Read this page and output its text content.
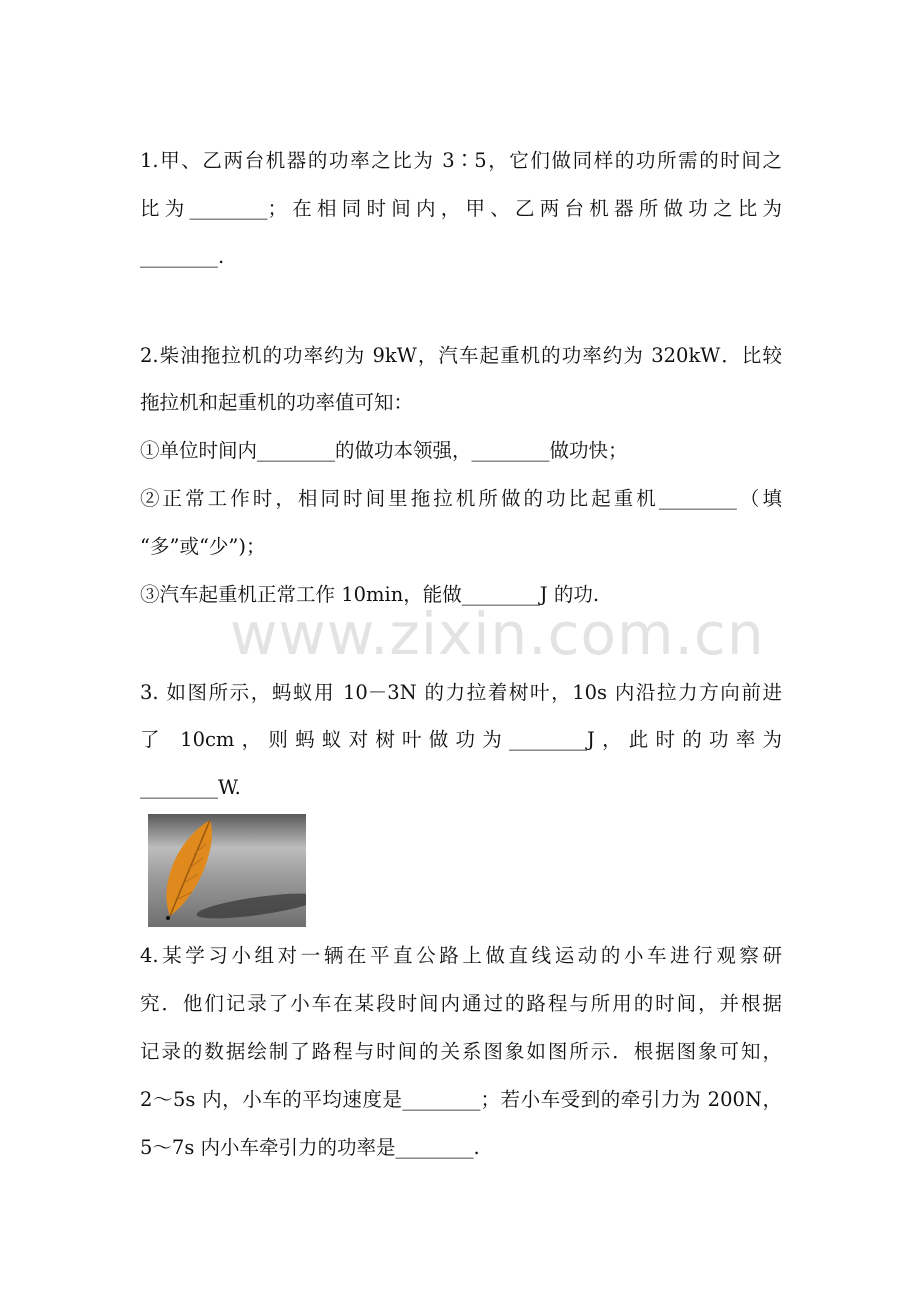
1.甲、乙两台机器的功率之比为 3∶5，它们做同样的功所需的时间之
比为________；在相同时间内，甲、乙两台机器所做功之比为
________.
2.柴油拖拉机的功率约为 9kW，汽车起重机的功率约为 320kW．比较
拖拉机和起重机的功率值可知：
①单位时间内________的做功本领强，________做功快；
②正常工作时，相同时间里拖拉机所做的功比起重机________（填
“多”或“少”)；
③汽车起重机正常工作 10min，能做________J 的功.
www.zixin.com.cn
3. 如图所示，蚂蚁用 10－3N 的力拉着树叶，10s 内沿拉力方向前进
了 10cm，则蚂蚁对树叶做功为________J，此时的功率为
________W.
4.某学习小组对一辆在平直公路上做直线运动的小车进行观察研
究．他们记录了小车在某段时间内通过的路程与所用的时间，并根据
记录的数据绘制了路程与时间的关系图象如图所示．根据图象可知，
2～5s 内，小车的平均速度是________；若小车受到的牵引力为 200N，
5～7s 内小车牵引力的功率是________.
